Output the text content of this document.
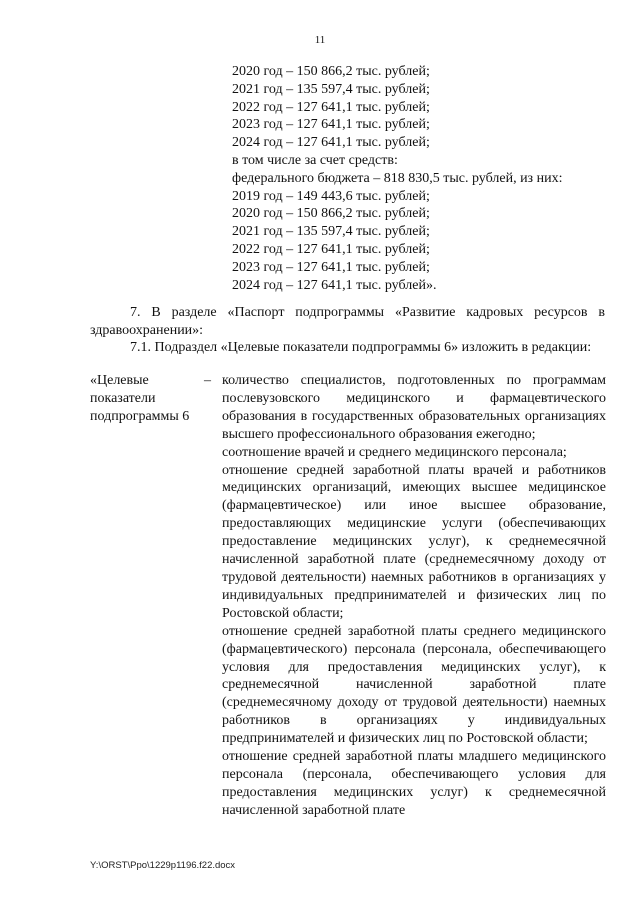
11
2020 год – 150 866,2 тыс. рублей;
2021 год – 135 597,4 тыс. рублей;
2022 год – 127 641,1 тыс. рублей;
2023 год – 127 641,1 тыс. рублей;
2024 год – 127 641,1 тыс. рублей;
в том числе за счет средств:
федерального бюджета – 818 830,5 тыс. рублей, из них:
2019 год – 149 443,6 тыс. рублей;
2020 год – 150 866,2 тыс. рублей;
2021 год – 135 597,4 тыс. рублей;
2022 год – 127 641,1 тыс. рублей;
2023 год – 127 641,1 тыс. рублей;
2024 год – 127 641,1 тыс. рублей».
7. В разделе «Паспорт подпрограммы «Развитие кадровых ресурсов в здравоохранении»:
7.1. Подраздел «Целевые показатели подпрограммы 6» изложить в редакции:
«Целевые показатели подпрограммы 6
– количество специалистов, подготовленных по программам послевузовского медицинского и фармацевтического образования в государственных образовательных организациях высшего профессионального образования ежегодно;

соотношение врачей и среднего медицинского персонала;

отношение средней заработной платы врачей и работников медицинских организаций, имеющих высшее медицинское (фармацевтическое) или иное высшее образование, предоставляющих медицинские услуги (обеспечивающих предоставление медицинских услуг), к среднемесячной начисленной заработной плате (среднемесячному доходу от трудовой деятельности) наемных работников в организациях у индивидуальных предпринимателей и физических лиц по Ростовской области;

отношение средней заработной платы среднего медицинского (фармацевтического) персонала (персонала, обеспечивающего условия для предоставления медицинских услуг), к среднемесячной начисленной заработной плате (среднемесячному доходу от трудовой деятельности) наемных работников в организациях у индивидуальных предпринимателей и физических лиц по Ростовской области;

отношение средней заработной платы младшего медицинского персонала (персонала, обеспечивающего условия для предоставления медицинских услуг) к среднемесячной начисленной заработной плате

Y:\ORST\Ppo\1229p1196.f22.docx
